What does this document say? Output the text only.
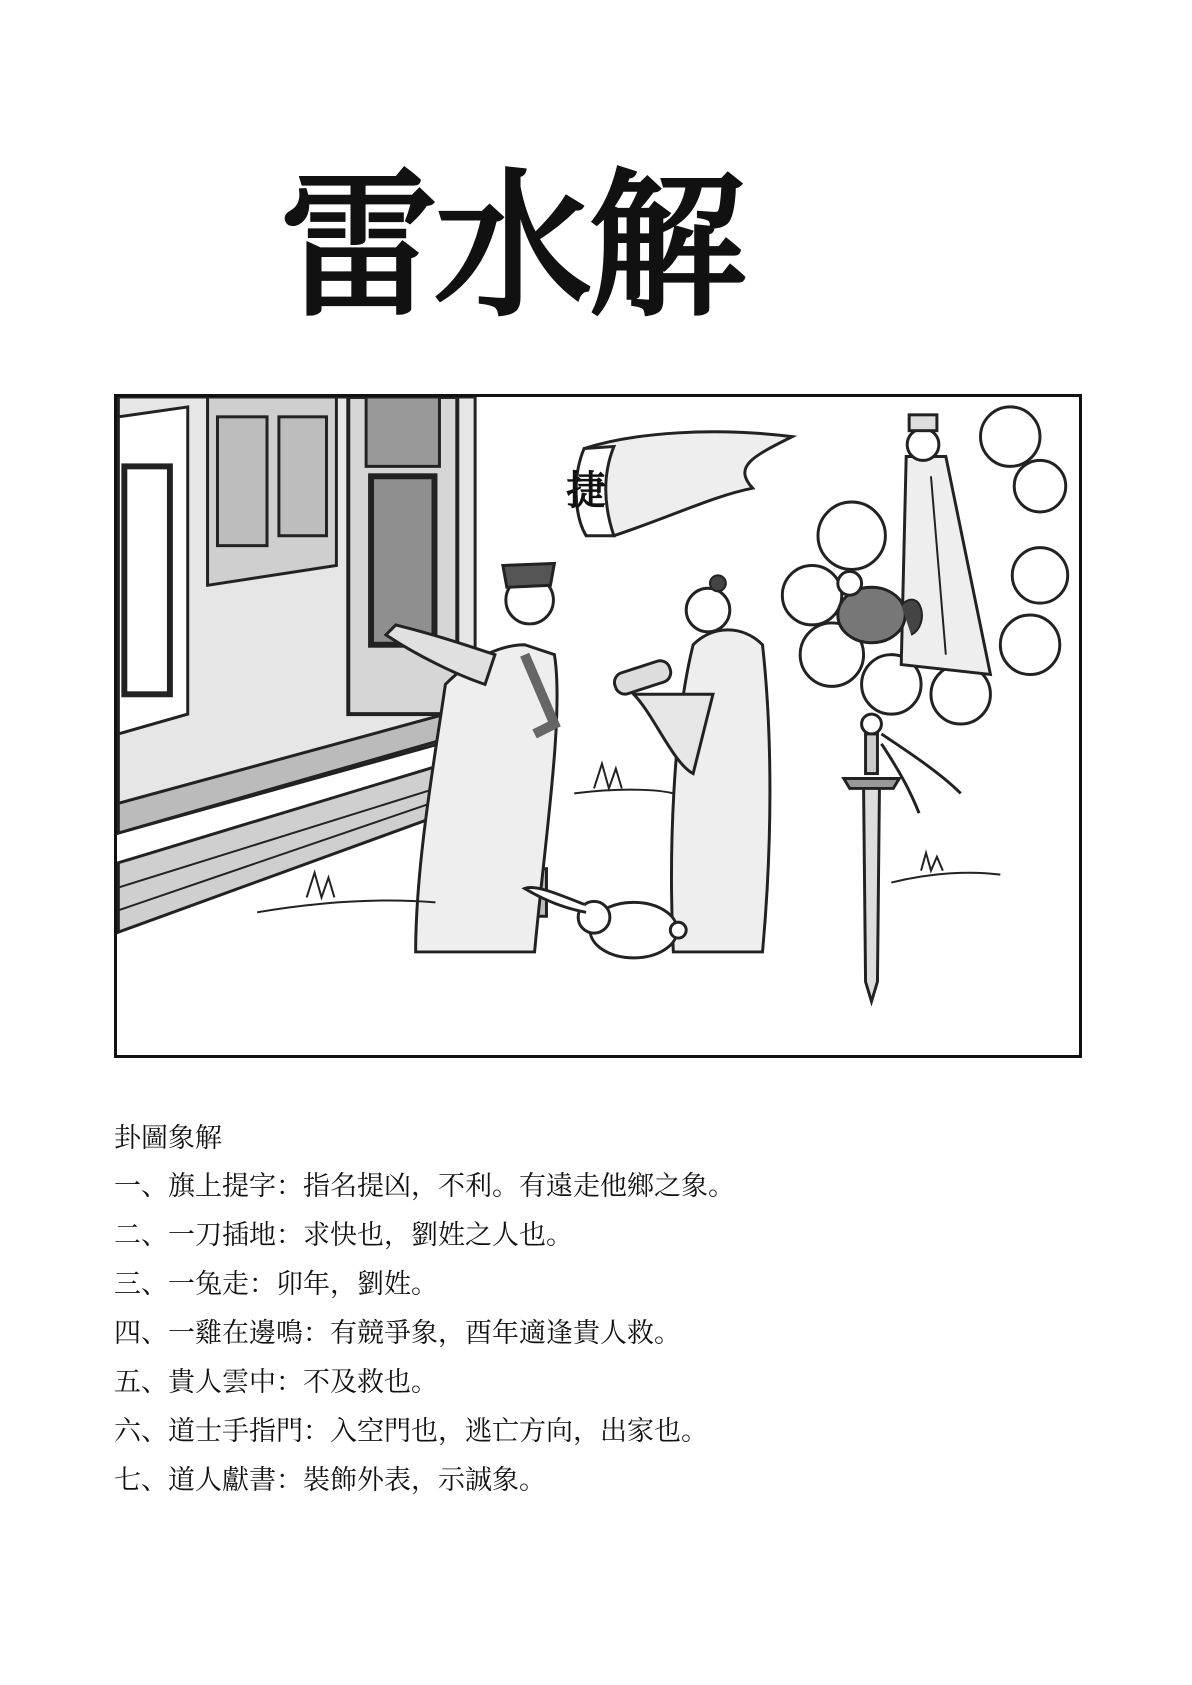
雷水解
捷
卦圖象解
一、旗上提字：指名提凶，不利。有遠走他鄉之象。
二、一刀插地：求快也，劉姓之人也。
三、一兔走：卯年，劉姓。
四、一雞在邊鳴：有競爭象，酉年適逢貴人救。
五、貴人雲中：不及救也。
六、道士手指門：入空門也，逃亡方向，出家也。
七、道人獻書：裝飾外表，示誠象。
